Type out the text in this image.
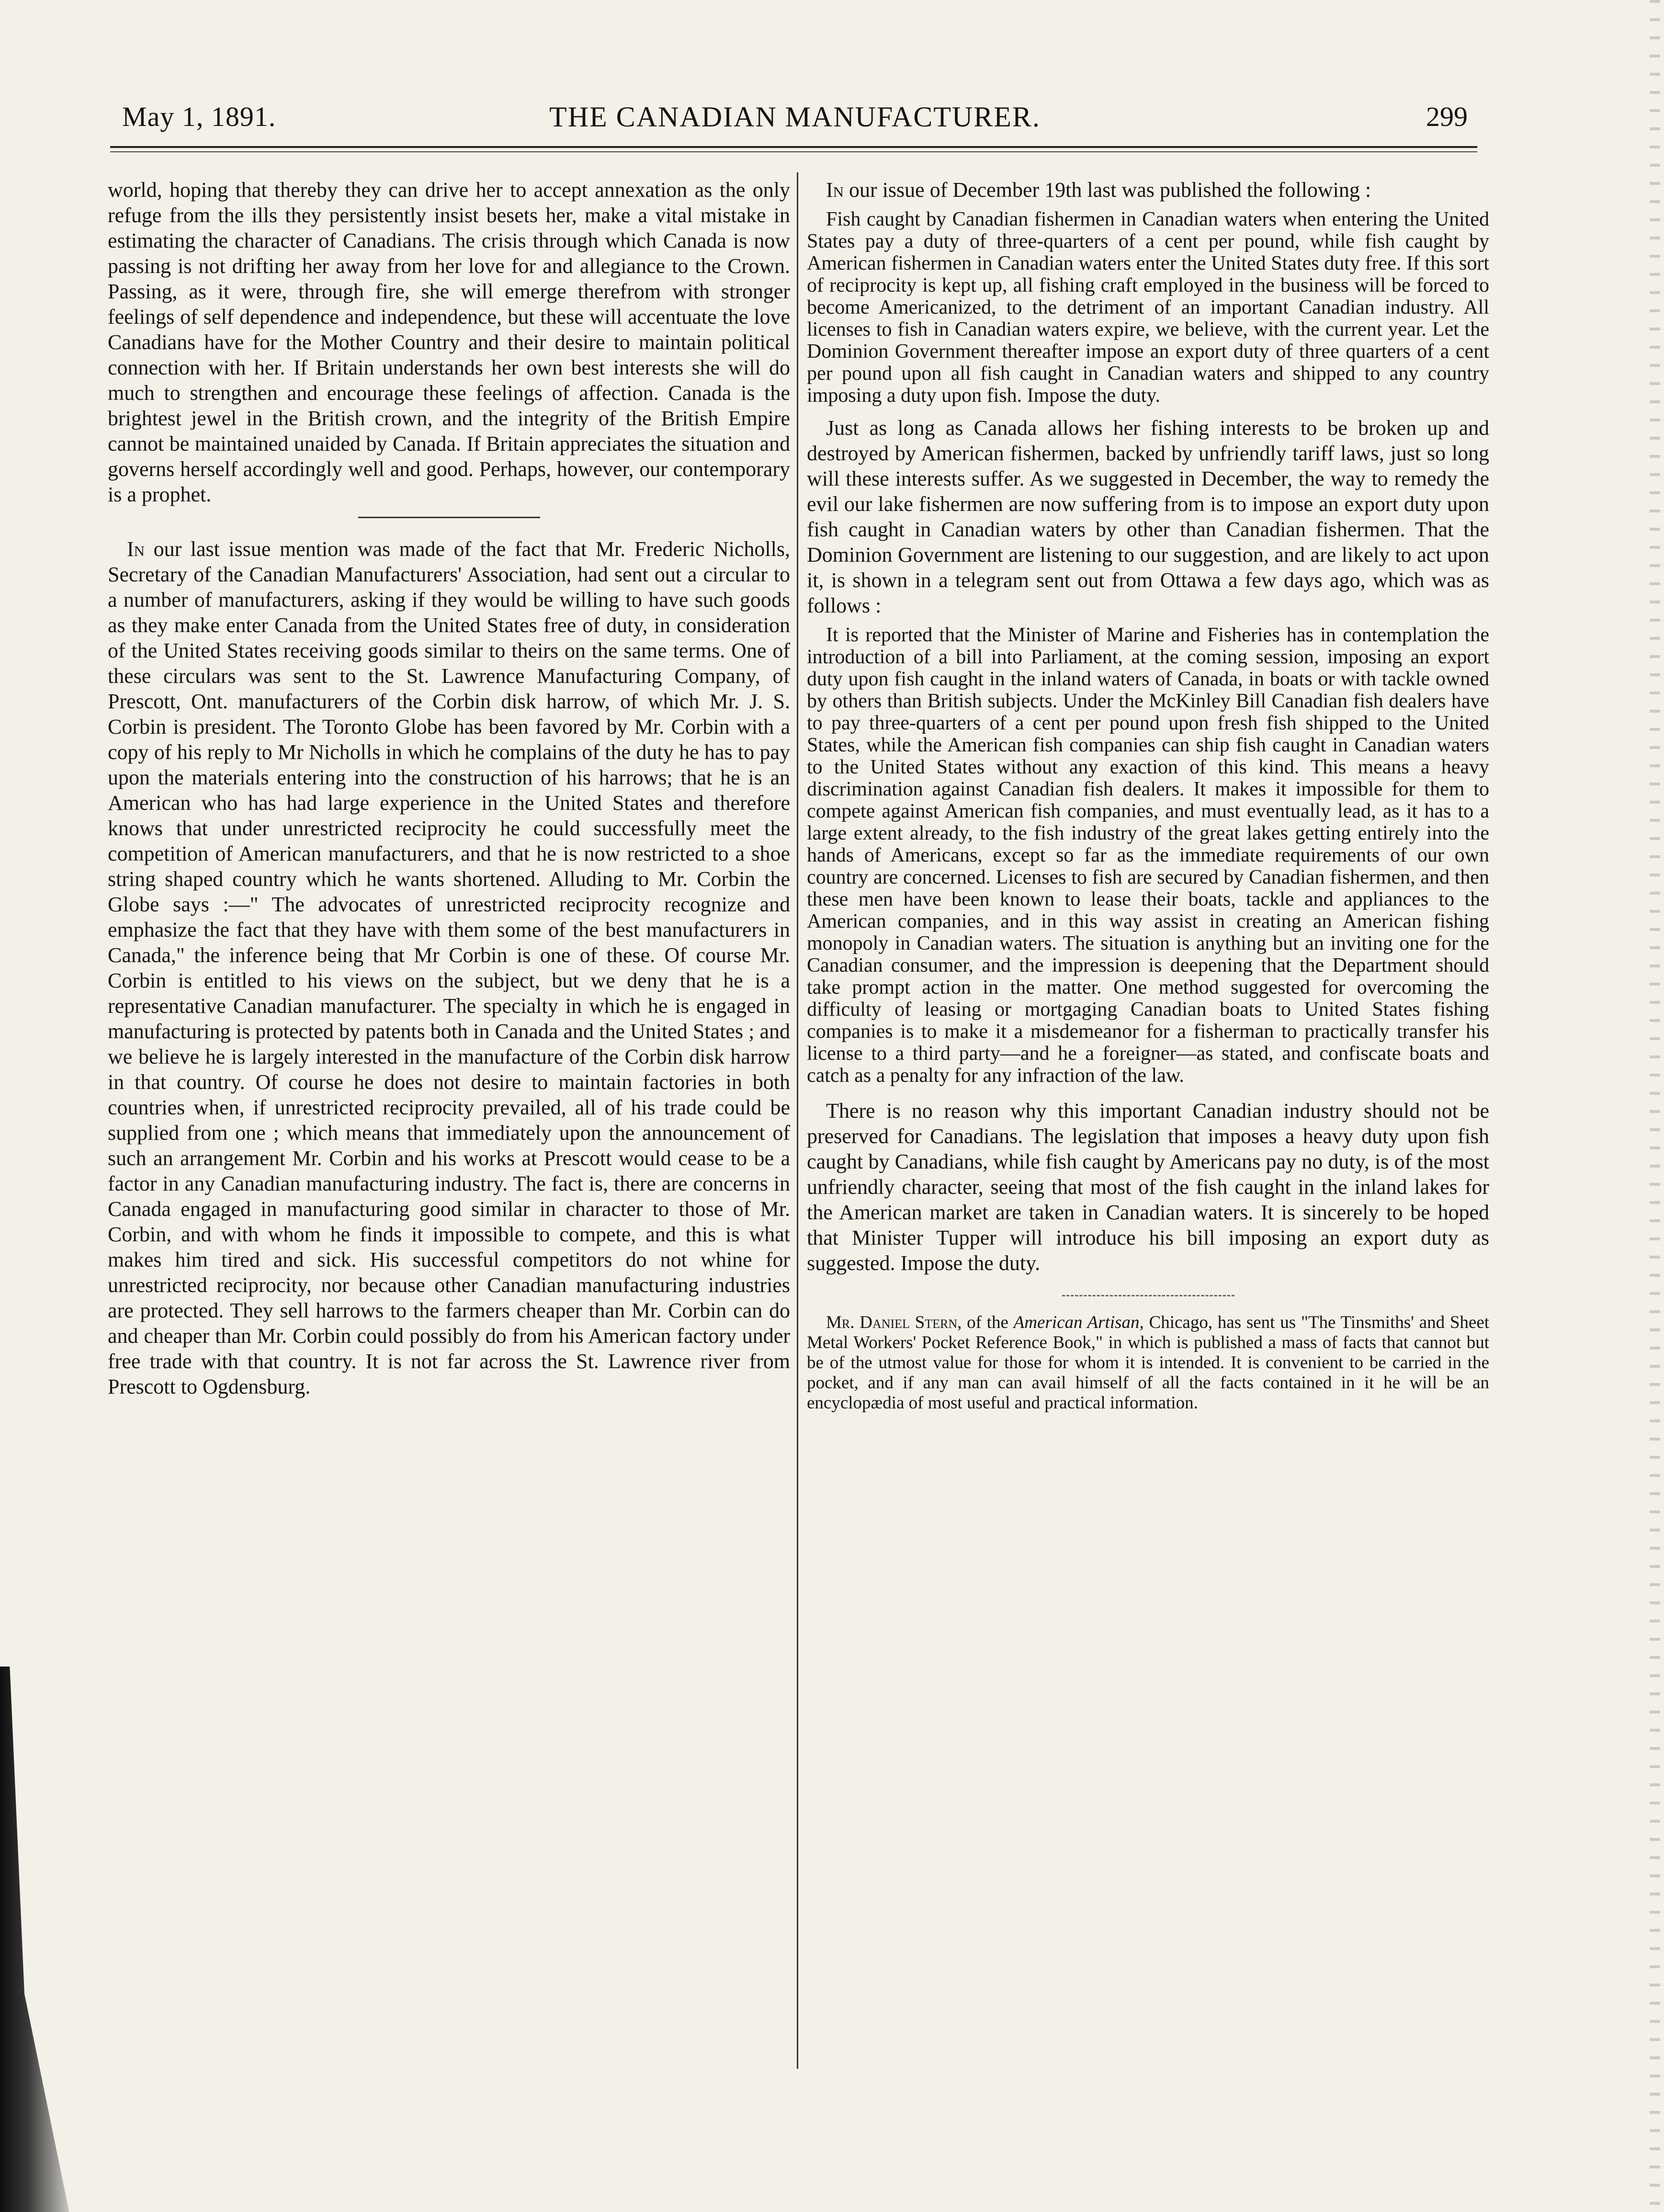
May 1, 1891.	THE CANADIAN MANUFACTURER.	299

world, hoping that thereby they can drive her to accept annexation as the only refuge from the ills they persistently insist besets her, make a vital mistake in estimating the character of Canadians. The crisis through which Canada is now passing is not drifting her away from her love for and allegiance to the Crown. Passing, as it were, through fire, she will emerge therefrom with stronger feelings of self dependence and independence, but these will accentuate the love Canadians have for the Mother Country and their desire to maintain political connection with her. If Britain understands her own best interests she will do much to strengthen and encourage these feelings of affection. Canada is the brightest jewel in the British crown, and the integrity of the British Empire cannot be maintained unaided by Canada. If Britain appreciates the situation and governs herself accordingly well and good. Perhaps, however, our contemporary is a prophet.

In our last issue mention was made of the fact that Mr. Frederic Nicholls, Secretary of the Canadian Manufacturers' Association, had sent out a circular to a number of manufacturers, asking if they would be willing to have such goods as they make enter Canada from the United States free of duty, in consideration of the United States receiving goods similar to theirs on the same terms. One of these circulars was sent to the St. Lawrence Manufacturing Company, of Prescott, Ont. manufacturers of the Corbin disk harrow, of which Mr. J. S. Corbin is president. The Toronto Globe has been favored by Mr. Corbin with a copy of his reply to Mr Nicholls in which he complains of the duty he has to pay upon the materials entering into the construction of his harrows; that he is an American who has had large experience in the United States and therefore knows that under unrestricted reciprocity he could successfully meet the competition of American manufacturers, and that he is now restricted to a shoe string shaped country which he wants shortened. Alluding to Mr. Corbin the Globe says :—" The advocates of unrestricted reciprocity recognize and emphasize the fact that they have with them some of the best manufacturers in Canada," the inference being that Mr Corbin is one of these. Of course Mr. Corbin is entitled to his views on the subject, but we deny that he is a representative Canadian manufacturer. The specialty in which he is engaged in manufacturing is protected by patents both in Canada and the United States ; and we believe he is largely interested in the manufacture of the Corbin disk harrow in that country. Of course he does not desire to maintain factories in both countries when, if unrestricted reciprocity prevailed, all of his trade could be supplied from one ; which means that immediately upon the announcement of such an arrangement Mr. Corbin and his works at Prescott would cease to be a factor in any Canadian manufacturing industry. The fact is, there are concerns in Canada engaged in manufacturing good similar in character to those of Mr. Corbin, and with whom he finds it impossible to compete, and this is what makes him tired and sick. His successful competitors do not whine for unrestricted reciprocity, nor because other Canadian manufacturing industries are protected. They sell harrows to the farmers cheaper than Mr. Corbin can do and cheaper than Mr. Corbin could possibly do from his American factory under free trade with that country. It is not far across the St. Lawrence river from Prescott to Ogdensburg.

In our issue of December 19th last was published the following :

Fish caught by Canadian fishermen in Canadian waters when entering the United States pay a duty of three-quarters of a cent per pound, while fish caught by American fishermen in Canadian waters enter the United States duty free. If this sort of reciprocity is kept up, all fishing craft employed in the business will be forced to become Americanized, to the detriment of an important Canadian industry. All licenses to fish in Canadian waters expire, we believe, with the current year. Let the Dominion Government thereafter impose an export duty of three quarters of a cent per pound upon all fish caught in Canadian waters and shipped to any country imposing a duty upon fish. Impose the duty.

Just as long as Canada allows her fishing interests to be broken up and destroyed by American fishermen, backed by unfriendly tariff laws, just so long will these interests suffer. As we suggested in December, the way to remedy the evil our lake fishermen are now suffering from is to impose an export duty upon fish caught in Canadian waters by other than Canadian fishermen. That the Dominion Government are listening to our suggestion, and are likely to act upon it, is shown in a telegram sent out from Ottawa a few days ago, which was as follows :

It is reported that the Minister of Marine and Fisheries has in contemplation the introduction of a bill into Parliament, at the coming session, imposing an export duty upon fish caught in the inland waters of Canada, in boats or with tackle owned by others than British subjects. Under the McKinley Bill Canadian fish dealers have to pay three-quarters of a cent per pound upon fresh fish shipped to the United States, while the American fish companies can ship fish caught in Canadian waters to the United States without any exaction of this kind. This means a heavy discrimination against Canadian fish dealers. It makes it impossible for them to compete against American fish companies, and must eventually lead, as it has to a large extent already, to the fish industry of the great lakes getting entirely into the hands of Americans, except so far as the immediate requirements of our own country are concerned. Licenses to fish are secured by Canadian fishermen, and then these men have been known to lease their boats, tackle and appliances to the American companies, and in this way assist in creating an American fishing monopoly in Canadian waters. The situation is anything but an inviting one for the Canadian consumer, and the impression is deepening that the Department should take prompt action in the matter. One method suggested for overcoming the difficulty of leasing or mortgaging Canadian boats to United States fishing companies is to make it a misdemeanor for a fisherman to practically transfer his license to a third party—and he a foreigner—as stated, and confiscate boats and catch as a penalty for any infraction of the law.

There is no reason why this important Canadian industry should not be preserved for Canadians. The legislation that imposes a heavy duty upon fish caught by Canadians, while fish caught by Americans pay no duty, is of the most unfriendly character, seeing that most of the fish caught in the inland lakes for the American market are taken in Canadian waters. It is sincerely to be hoped that Minister Tupper will introduce his bill imposing an export duty as suggested. Impose the duty.

Mr. Daniel Stern, of the American Artisan, Chicago, has sent us "The Tinsmiths' and Sheet Metal Workers' Pocket Reference Book," in which is published a mass of facts that cannot but be of the utmost value for those for whom it is intended. It is convenient to be carried in the pocket, and if any man can avail himself of all the facts contained in it he will be an encyclopædia of most useful and practical information.
